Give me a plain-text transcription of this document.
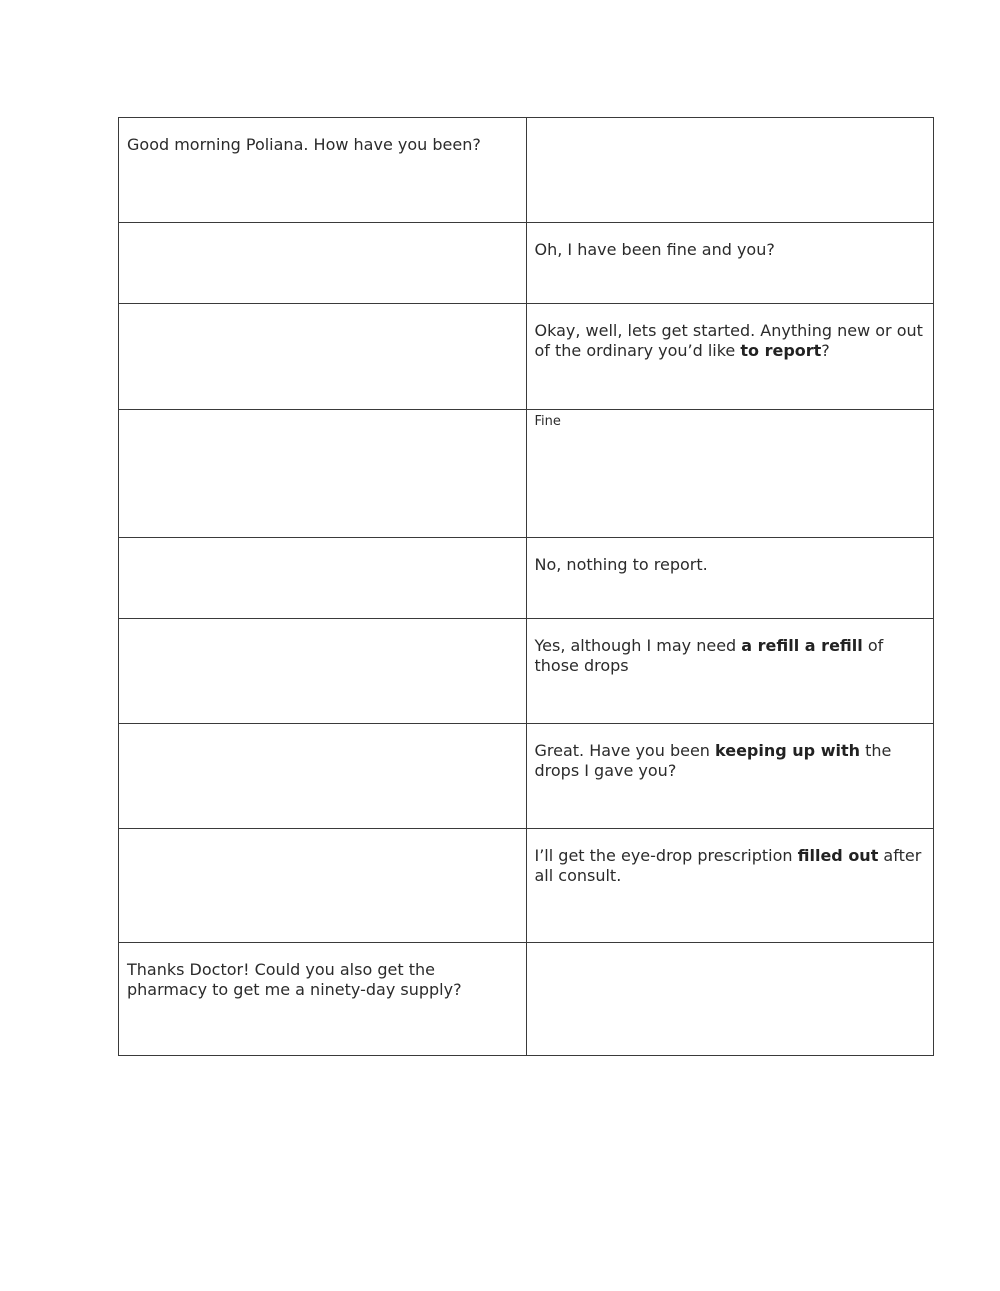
Good morning Poliana. How have you been?	
	Oh, I have been fine and you?
	Okay, well, lets get started. Anything new or out of the ordinary you’d like to report?
	Fine
	No, nothing to report.
	Yes, although I may need a refill a refill of those drops
	Great. Have you been keeping up with the drops I gave you?
	I’ll get the eye-drop prescription filled out after all consult.
Thanks Doctor! Could you also get the pharmacy to get me a ninety-day supply?	
